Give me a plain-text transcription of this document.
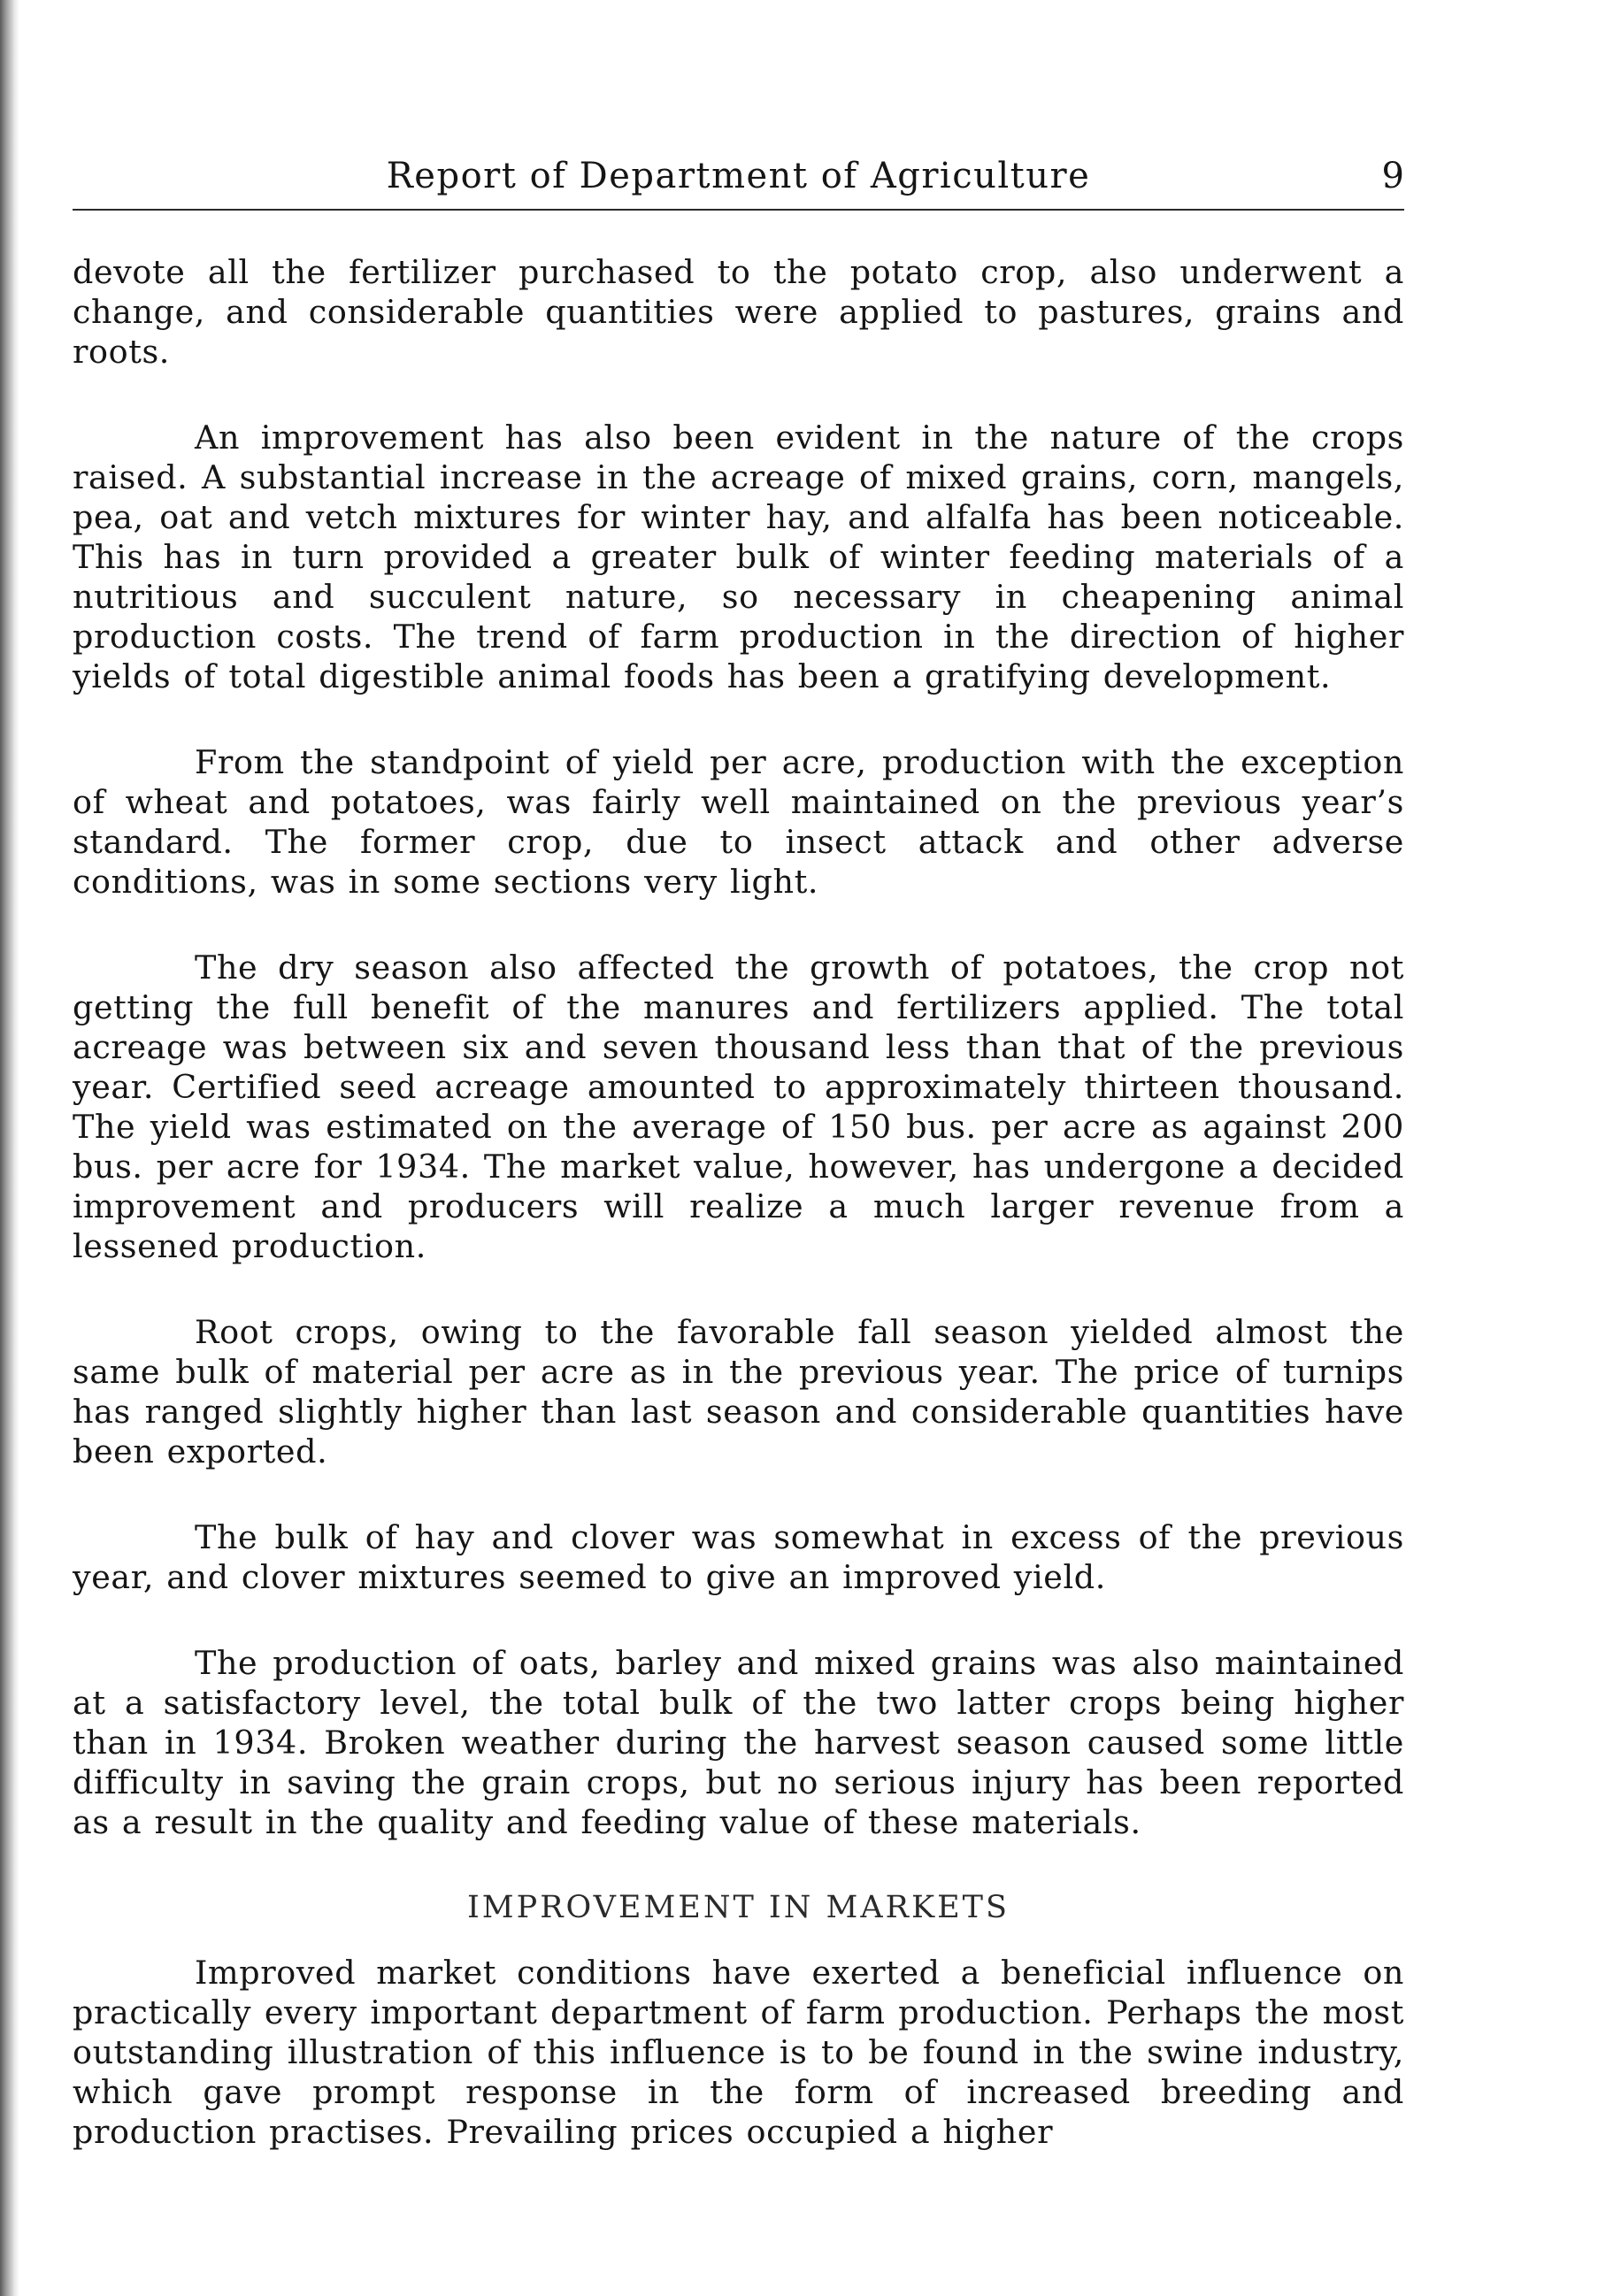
Report of Department of Agriculture	9

devote all the fertilizer purchased to the potato crop, also underwent a change, and considerable quantities were applied to pastures, grains and roots.

An improvement has also been evident in the nature of the crops raised. A substantial increase in the acreage of mixed grains, corn, mangels, pea, oat and vetch mixtures for winter hay, and alfalfa has been noticeable. This has in turn provided a greater bulk of winter feeding materials of a nutritious and succulent nature, so necessary in cheapening animal production costs. The trend of farm production in the direction of higher yields of total digestible animal foods has been a gratifying development.

From the standpoint of yield per acre, production with the exception of wheat and potatoes, was fairly well maintained on the previous year’s standard. The former crop, due to insect attack and other adverse conditions, was in some sections very light.

The dry season also affected the growth of potatoes, the crop not getting the full benefit of the manures and fertilizers applied. The total acreage was between six and seven thousand less than that of the previous year. Certified seed acreage amounted to approximately thirteen thousand. The yield was estimated on the average of 150 bus. per acre as against 200 bus. per acre for 1934. The market value, however, has undergone a decided improvement and producers will realize a much larger revenue from a lessened production.

Root crops, owing to the favorable fall season yielded almost the same bulk of material per acre as in the previous year. The price of turnips has ranged slightly higher than last season and considerable quantities have been exported.

The bulk of hay and clover was somewhat in excess of the previous year, and clover mixtures seemed to give an improved yield.

The production of oats, barley and mixed grains was also maintained at a satisfactory level, the total bulk of the two latter crops being higher than in 1934. Broken weather during the harvest season caused some little difficulty in saving the grain crops, but no serious injury has been reported as a result in the quality and feeding value of these materials.

IMPROVEMENT IN MARKETS

Improved market conditions have exerted a beneficial influence on practically every important department of farm production. Perhaps the most outstanding illustration of this influence is to be found in the swine industry, which gave prompt response in the form of increased breeding and production practises. Prevailing prices occupied a higher
